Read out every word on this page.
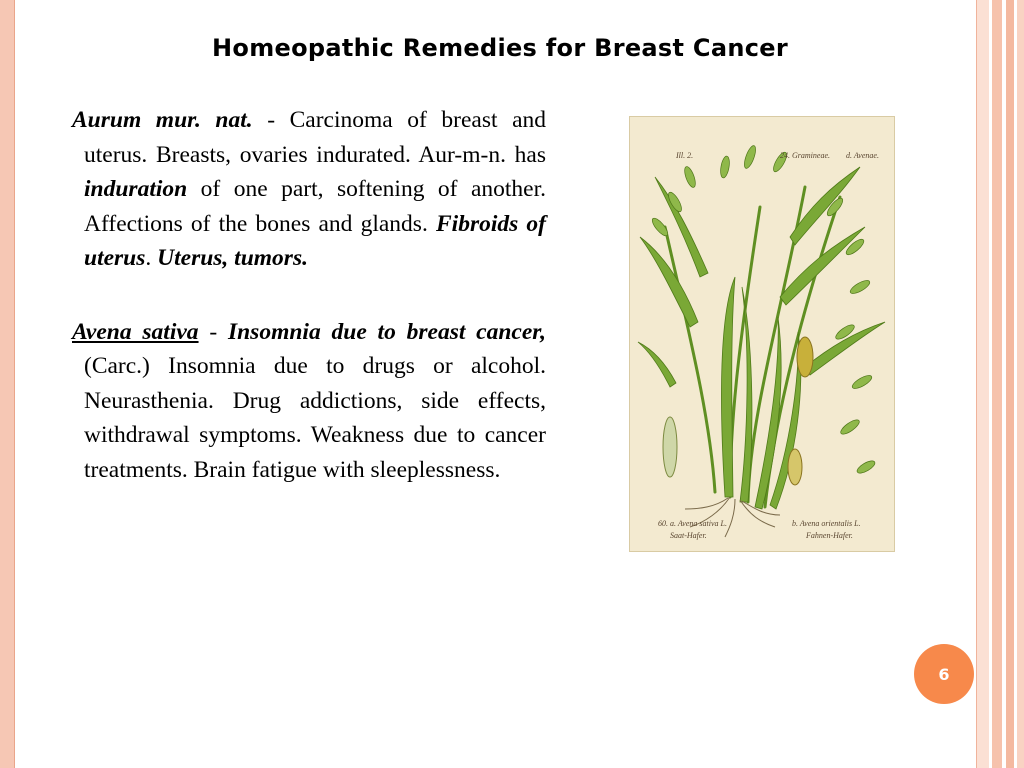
Homeopathic Remedies for Breast Cancer

Aurum mur. nat. - Carcinoma of breast and uterus. Breasts, ovaries indurated. Aur-m-n. has induration of one part, softening of another. Affections of the bones and glands. Fibroids of uterus. Uterus, tumors.

Avena sativa - Insomnia due to breast cancer, (Carc.) Insomnia due to drugs or alcohol. Neurasthenia. Drug addictions, side effects, withdrawal symptoms. Weakness due to cancer treatments. Brain fatigue with sleeplessness.

Ill. 2.	24. Gramineae. d. Avenae.
60. a. Avena sativa L.
Saat-Hafer.
b. Avena orientalis L.
Fahnen-Hafer.
6
